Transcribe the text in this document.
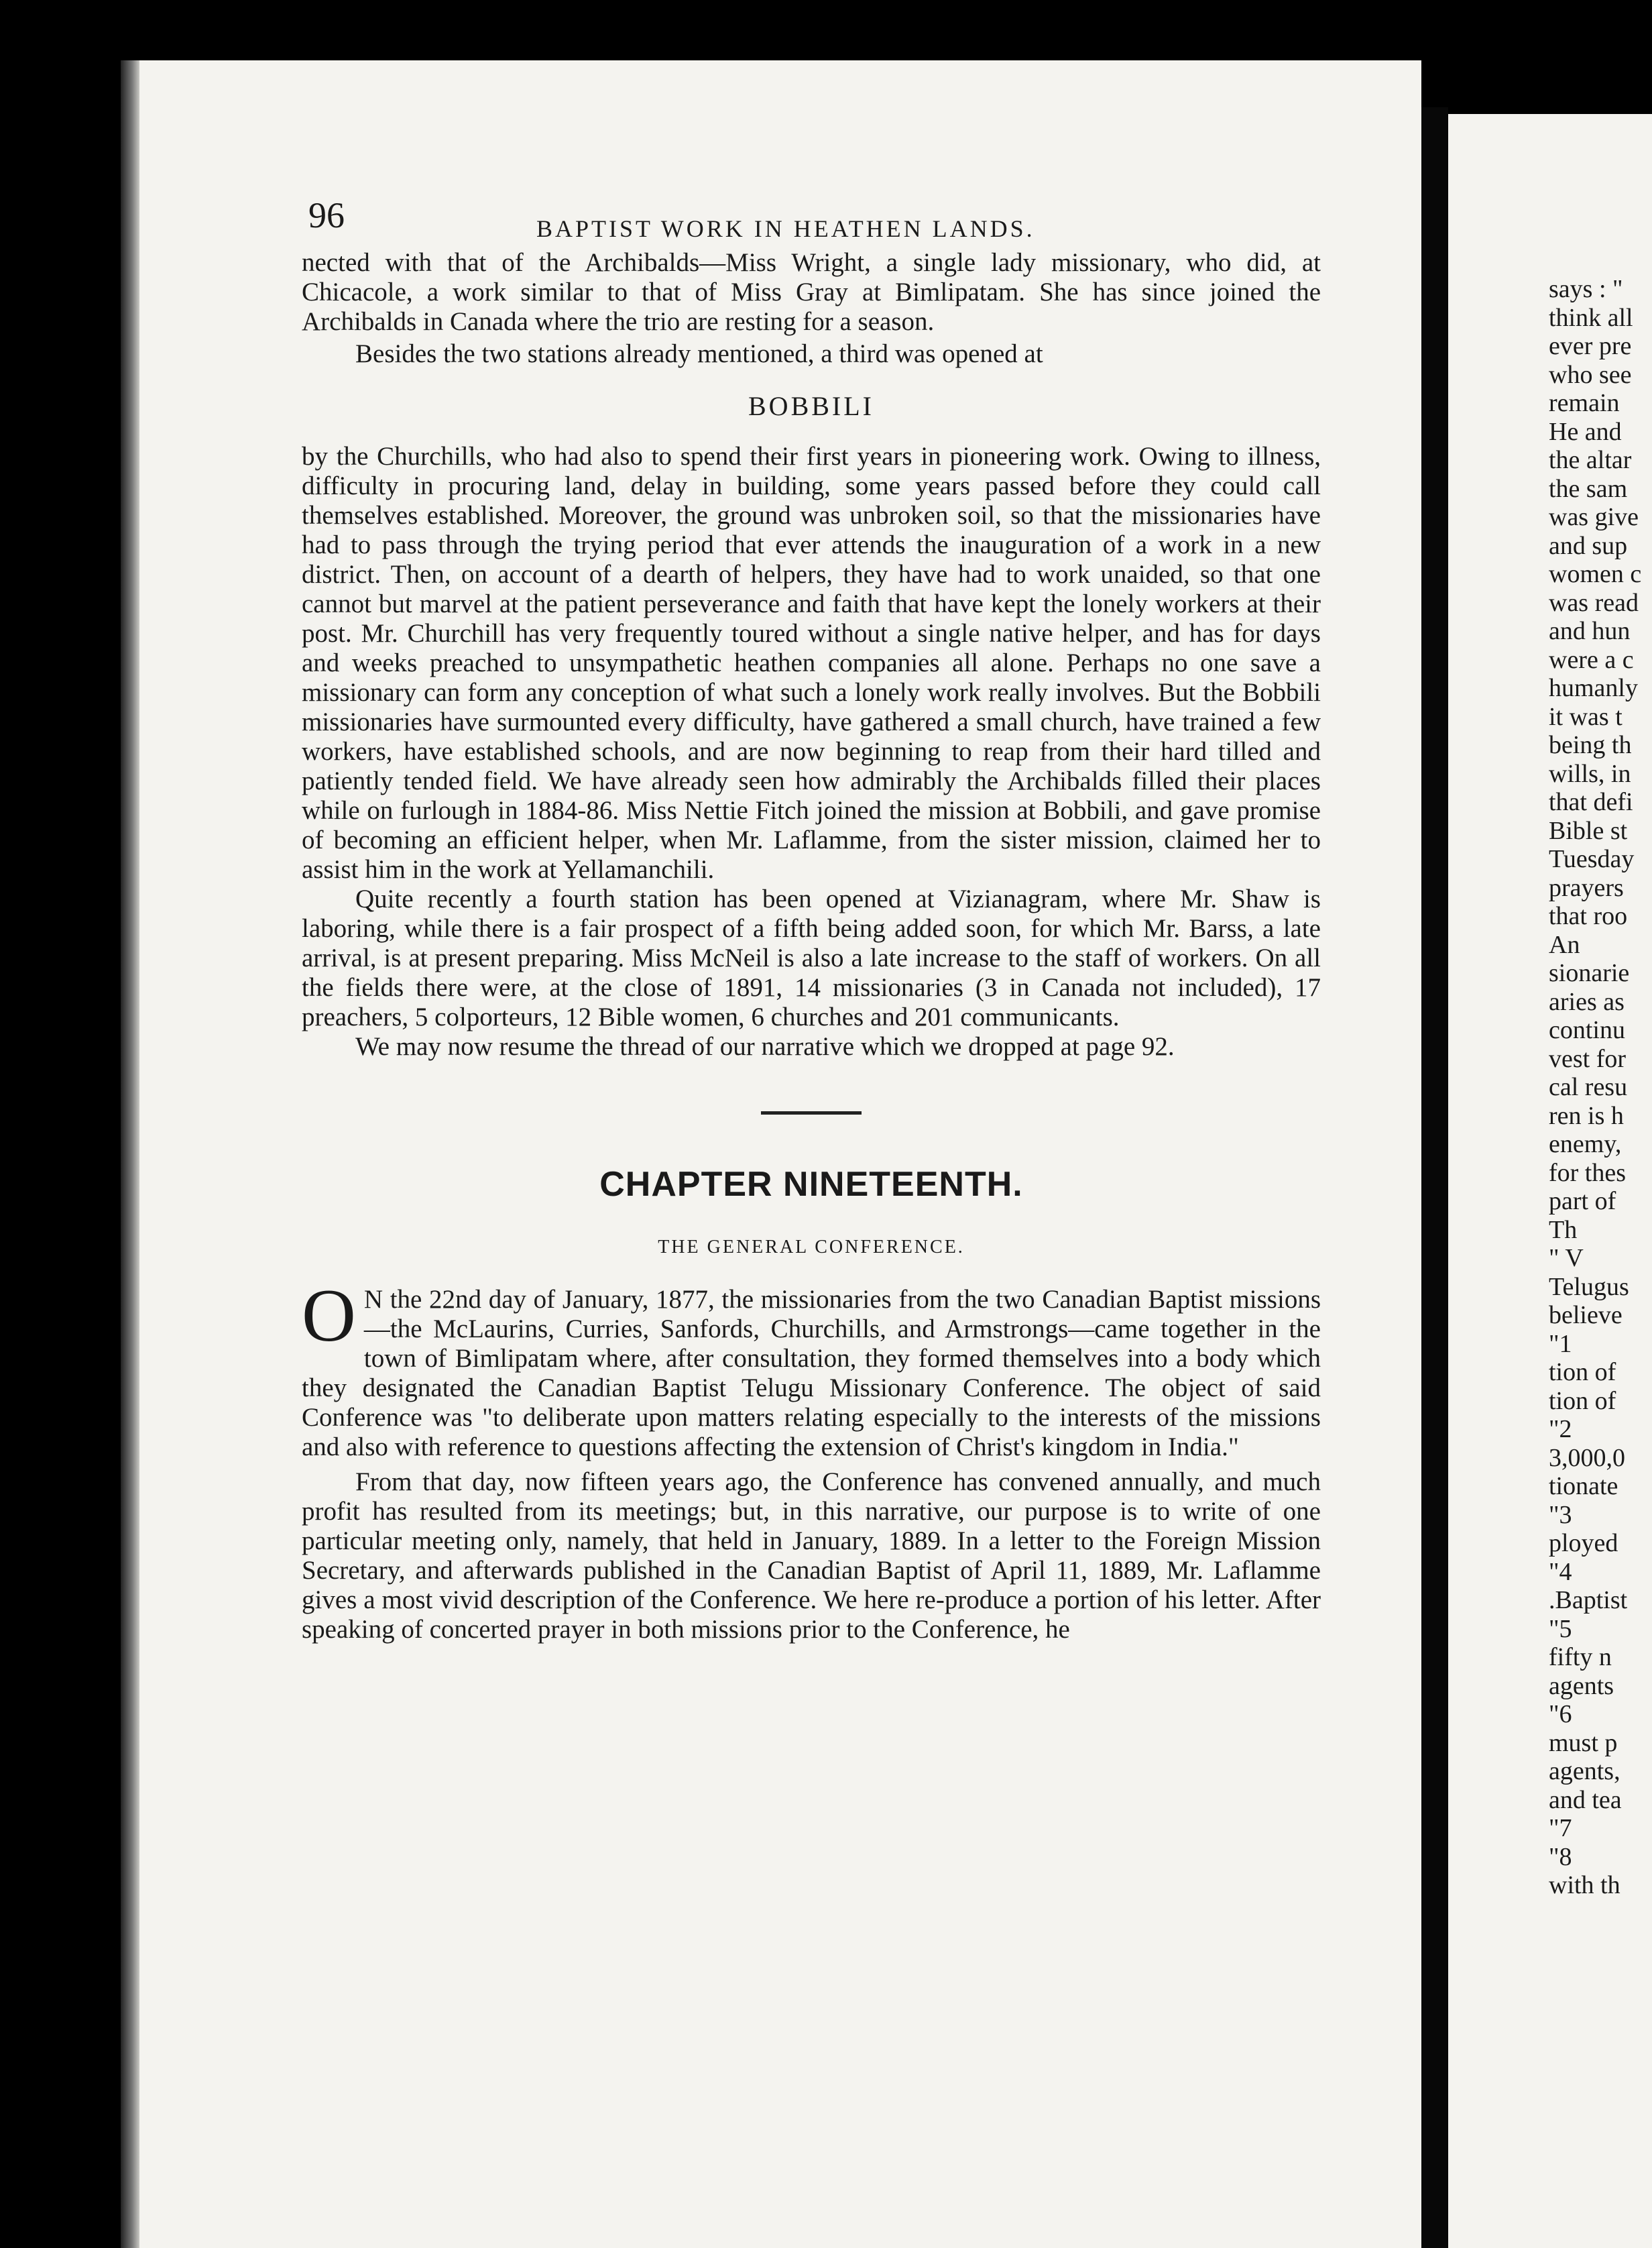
says : "
think all
ever pre
who see
remain
He and
the altar
the sam
was give
and sup
women c
was read
and hun
were a c
humanly
it was t
being th
wills, in
that defi
Bible st
Tuesday
prayers
that roo
An
sionarie
aries as
continu
vest for
cal resu
ren is h
enemy,
for thes
part of
Th
" V
Telugus
believe
"1
tion of
tion of
"2
3,000,0
tionate
"3
ployed
"4
.Baptist
"5
fifty n
agents
"6
must p
agents,
and tea
"7
"8
with th
96	BAPTIST WORK IN HEATHEN LANDS.

nected with that of the Archibalds—Miss Wright, a single lady missionary, who did, at Chicacole, a work similar to that of Miss Gray at Bimlipatam. She has since joined the Archibalds in Canada where the trio are resting for a season.

Besides the two stations already mentioned, a third was opened at

BOBBILI

by the Churchills, who had also to spend their first years in pioneering work. Owing to illness, difficulty in procuring land, delay in building, some years passed before they could call themselves established. Moreover, the ground was unbroken soil, so that the missionaries have had to pass through the trying period that ever attends the inauguration of a work in a new district. Then, on account of a dearth of helpers, they have had to work unaided, so that one cannot but marvel at the patient perseverance and faith that have kept the lonely workers at their post. Mr. Churchill has very frequently toured without a single native helper, and has for days and weeks preached to unsympathetic heathen companies all alone. Perhaps no one save a missionary can form any conception of what such a lonely work really involves. But the Bobbili missionaries have surmounted every difficulty, have gathered a small church, have trained a few workers, have established schools, and are now beginning to reap from their hard tilled and patiently tended field. We have already seen how admirably the Archibalds filled their places while on furlough in 1884-86. Miss Nettie Fitch joined the mission at Bobbili, and gave promise of becoming an efficient helper, when Mr. Laflamme, from the sister mission, claimed her to assist him in the work at Yellamanchili.

Quite recently a fourth station has been opened at Vizianagram, where Mr. Shaw is laboring, while there is a fair prospect of a fifth being added soon, for which Mr. Barss, a late arrival, is at present preparing. Miss McNeil is also a late increase to the staff of workers. On all the fields there were, at the close of 1891, 14 missionaries (3 in Canada not included), 17 preachers, 5 colporteurs, 12 Bible women, 6 churches and 201 communicants.

We may now resume the thread of our narrative which we dropped at page 92.

CHAPTER NINETEENTH.
THE GENERAL CONFERENCE.

O N the 22nd day of January, 1877, the missionaries from the two Canadian Baptist missions—the McLaurins, Curries, Sanfords, Churchills, and Armstrongs—came together in the town of Bimlipatam where, after consultation, they formed themselves into a body which they designated the Canadian Baptist Telugu Missionary Conference. The object of said Conference was "to deliberate upon matters relating especially to the interests of the missions and also with reference to questions affecting the extension of Christ's kingdom in India."

From that day, now fifteen years ago, the Conference has convened annually, and much profit has resulted from its meetings; but, in this narrative, our purpose is to write of one particular meeting only, namely, that held in January, 1889. In a letter to the Foreign Mission Secretary, and afterwards published in the Canadian Baptist of April 11, 1889, Mr. Laflamme gives a most vivid description of the Conference. We here re-produce a portion of his letter. After speaking of concerted prayer in both missions prior to the Conference, he
